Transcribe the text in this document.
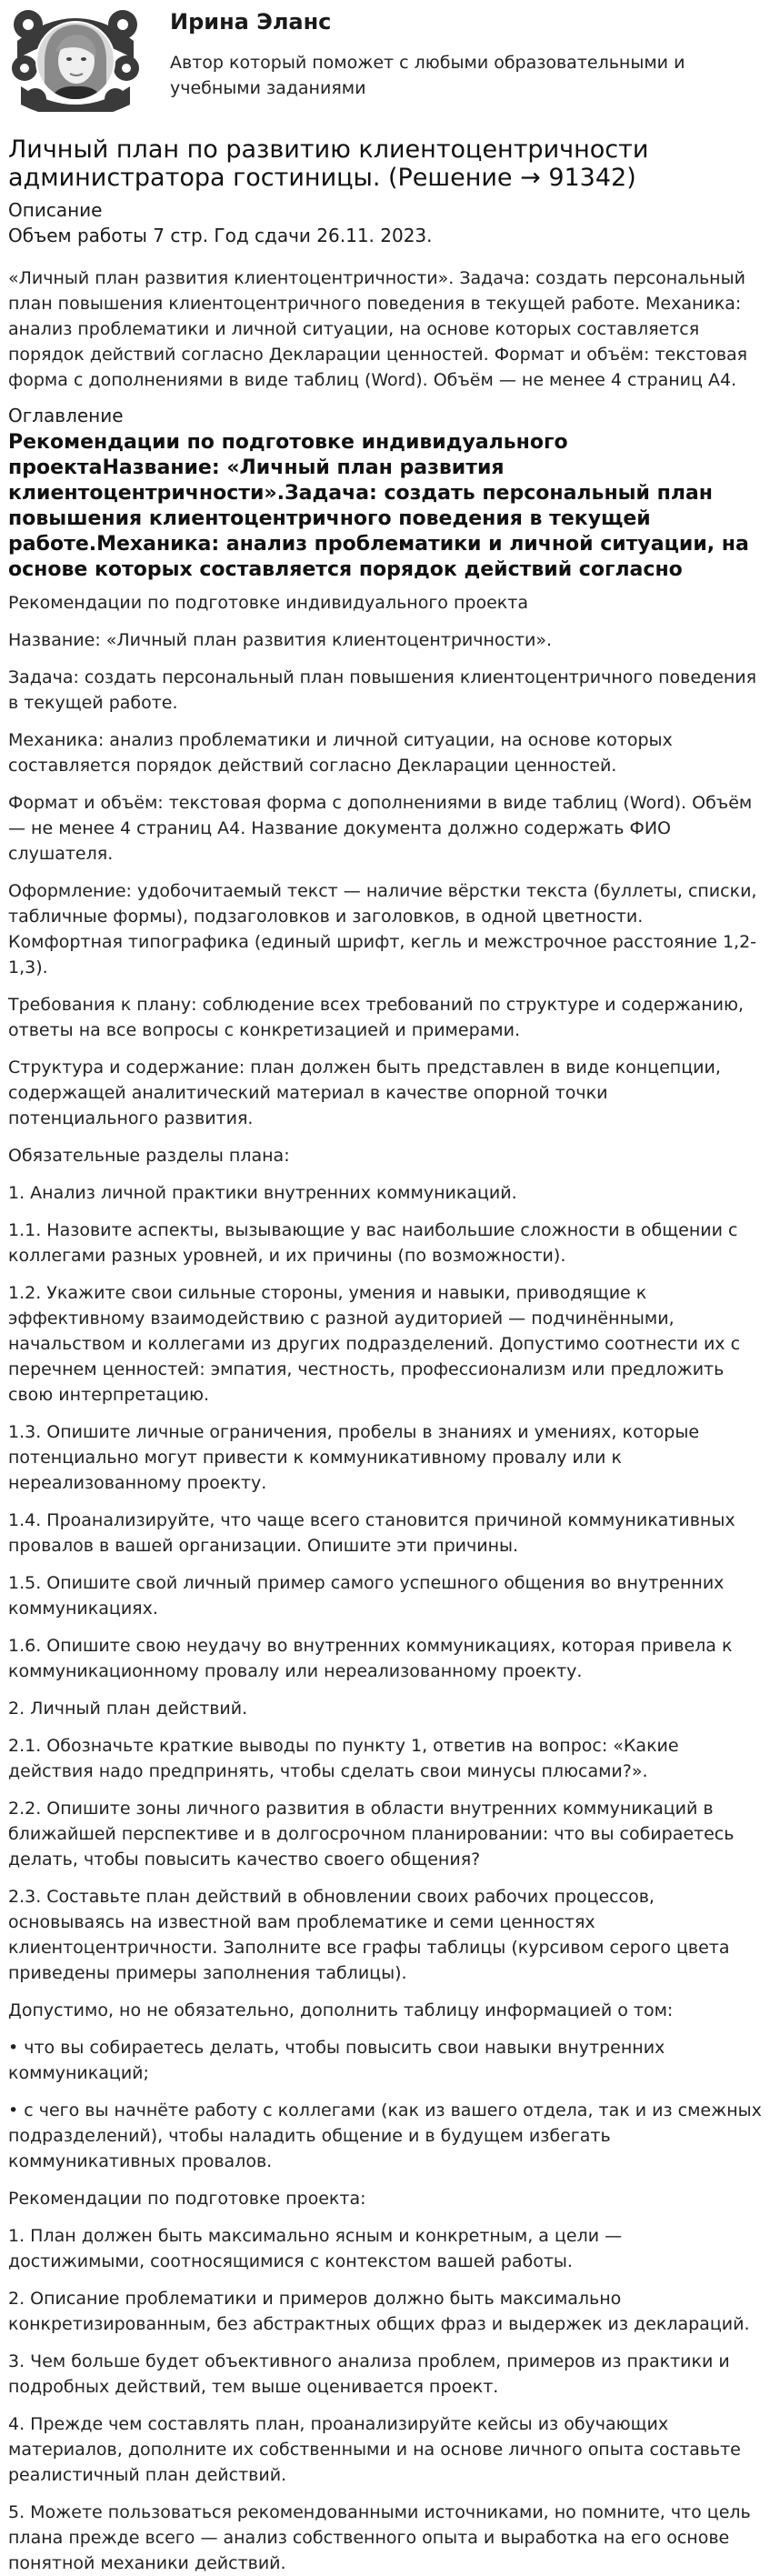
Ирина Эланс
Автор который поможет с любыми образовательными и учебными заданиями
Личный план по развитию клиентоцентричности администратора гостиницы. (Решение → 91342)
Описание
Объем работы 7 стр. Год сдачи 26.11. 2023.

«Личный план развития клиентоцентричности». Задача: создать персональный план повышения клиентоцентричного поведения в текущей работе. Механика: анализ проблематики и личной ситуации, на основе которых составляется порядок действий согласно Декларации ценностей. Формат и объём: текстовая форма с дополнениями в виде таблиц (Word). Объём — не менее 4 страниц А4.

Оглавление
Рекомендации по подготовке индивидуального проектаНазвание: «Личный план развития клиентоцентричности».Задача: создать персональный план повышения клиентоцентричного поведения в текущей работе.Механика: анализ проблематики и личной ситуации, на основе которых составляется порядок действий согласно

Рекомендации по подготовке индивидуального проекта

Название: «Личный план развития клиентоцентричности».

Задача: создать персональный план повышения клиентоцентричного поведения в текущей работе.

Механика: анализ проблематики и личной ситуации, на основе которых составляется порядок действий согласно Декларации ценностей.

Формат и объём: текстовая форма с дополнениями в виде таблиц (Word). Объём — не менее 4 страниц А4. Название документа должно содержать ФИО слушателя.

Оформление: удобочитаемый текст — наличие вёрстки текста (буллеты, списки, табличные формы), подзаголовков и заголовков, в одной цветности. Комфортная типографика (единый шрифт, кегль и межстрочное расстояние 1,2-1,3).

Требования к плану: соблюдение всех требований по структуре и содержанию, ответы на все вопросы с конкретизацией и примерами.

Структура и содержание: план должен быть представлен в виде концепции, содержащей аналитический материал в качестве опорной точки потенциального развития.

Обязательные разделы плана:

1. Анализ личной практики внутренних коммуникаций.

1.1. Назовите аспекты, вызывающие у вас наибольшие сложности в общении с коллегами разных уровней, и их причины (по возможности).

1.2. Укажите свои сильные стороны, умения и навыки, приводящие к эффективному взаимодействию с разной аудиторией — подчинёнными, начальством и коллегами из других подразделений. Допустимо соотнести их с перечнем ценностей: эмпатия, честность, профессионализм или предложить свою интерпретацию.

1.3. Опишите личные ограничения, пробелы в знаниях и умениях, которые потенциально могут привести к коммуникативному провалу или к нереализованному проекту.

1.4. Проанализируйте, что чаще всего становится причиной коммуникативных провалов в вашей организации. Опишите эти причины.

1.5. Опишите свой личный пример самого успешного общения во внутренних коммуникациях.

1.6. Опишите свою неудачу во внутренних коммуникациях, которая привела к коммуникационному провалу или нереализованному проекту.

2. Личный план действий.

2.1. Обозначьте краткие выводы по пункту 1, ответив на вопрос: «Какие действия надо предпринять, чтобы сделать свои минусы плюсами?».

2.2. Опишите зоны личного развития в области внутренних коммуникаций в ближайшей перспективе и в долгосрочном планировании: что вы собираетесь делать, чтобы повысить качество своего общения?

2.3. Составьте план действий в обновлении своих рабочих процессов, основываясь на известной вам проблематике и семи ценностях клиентоцентричности. Заполните все графы таблицы (курсивом серого цвета приведены примеры заполнения таблицы).

Допустимо, но не обязательно, дополнить таблицу информацией о том:

• что вы собираетесь делать, чтобы повысить свои навыки внутренних коммуникаций;

• с чего вы начнёте работу с коллегами (как из вашего отдела, так и из смежных подразделений), чтобы наладить общение и в будущем избегать коммуникативных провалов.

Рекомендации по подготовке проекта:

1. План должен быть максимально ясным и конкретным, а цели — достижимыми, соотносящимися с контекстом вашей работы.

2. Описание проблематики и примеров должно быть максимально конкретизированным, без абстрактных общих фраз и выдержек из деклараций.

3. Чем больше будет объективного анализа проблем, примеров из практики и подробных действий, тем выше оценивается проект.

4. Прежде чем составлять план, проанализируйте кейсы из обучающих материалов, дополните их собственными и на основе личного опыта составьте реалистичный план действий.

5. Можете пользоваться рекомендованными источниками, но помните, что цель плана прежде всего — анализ собственного опыта и выработка на его основе понятной механики действий.
